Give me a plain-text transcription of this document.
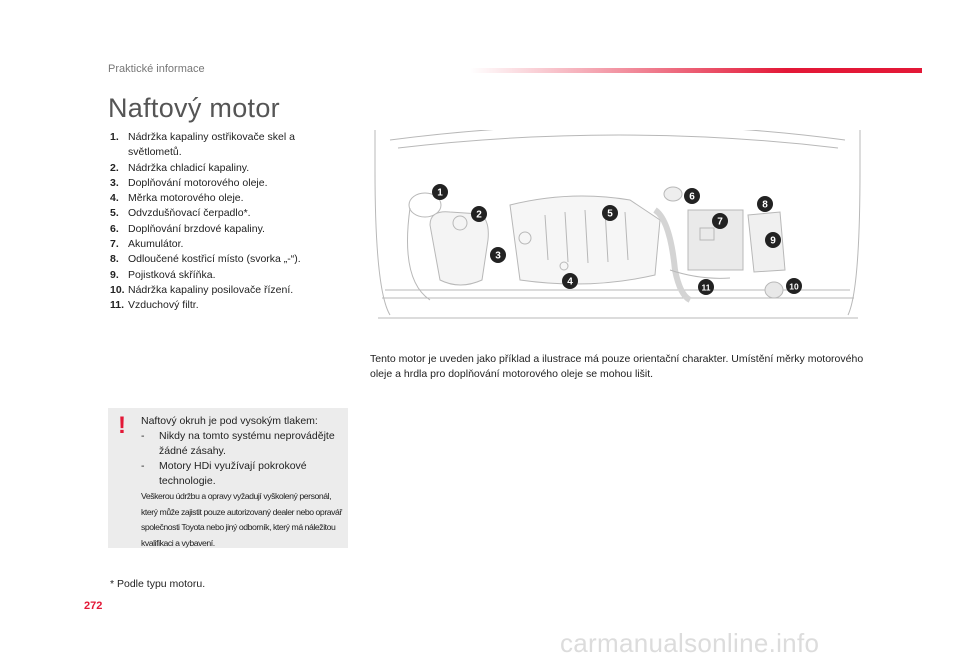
Praktické informace
Naftový motor
1. Nádržka kapaliny ostřikovače skel a světlometů.
2. Nádržka chladicí kapaliny.
3. Doplňování motorového oleje.
4. Měrka motorového oleje.
5. Odvzdušňovací čerpadlo*.
6. Doplňování brzdové kapaliny.
7. Akumulátor.
8. Odloučené kostřicí místo (svorka „-“).
9. Pojistková skříňka.
10. Nádržka kapaliny posilovače řízení.
11. Vzduchový filtr.
1
2
3
4
5
6
7
8
9
10
11
Tento motor je uveden jako příklad a ilustrace má pouze orientační charakter. Umístění měrky motorového oleje a hrdla pro doplňování motorového oleje se mohou lišit.
! Naftový okruh je pod vysokým tlakem:
- Nikdy na tomto systému neprovádějte žádné zásahy.
- Motory HDi využívají pokrokové technologie.
Veškerou údržbu a opravy vyžadují vyškolený personál, který může zajistit pouze autorizovaný dealer nebo opravář společnosti Toyota nebo jiný odborník, který má náležitou kvalifikaci a vybavení.
* Podle typu motoru.
272
carmanualsonline.info
